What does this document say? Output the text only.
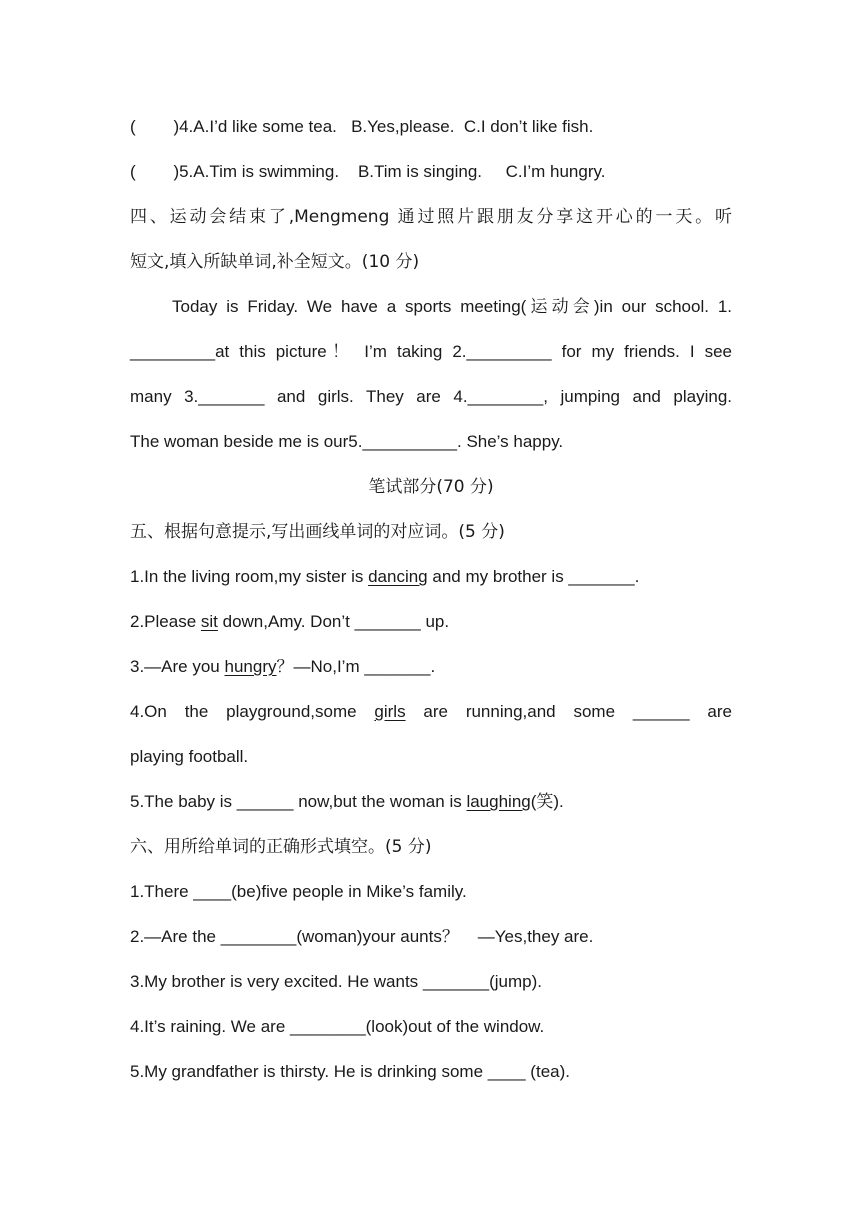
(        )4.A.I’d like some tea.   B.Yes,please.  C.I don’t like fish.
(        )5.A.Tim is swimming.    B.Tim is singing.     C.I’m hungry.
四、运动会结束了,Mengmeng 通过照片跟朋友分享这开心的一天。听
短文,填入所缺单词,补全短文。(10 分)
Today is Friday. We have a sports meeting(运动会)in our school. 1.
_________at this picture！ I’m taking 2._________ for my friends. I see
many 3._______ and girls. They are 4.________, jumping and playing.
The woman beside me is our5.__________. She’s happy.
笔试部分(70 分)
五、根据句意提示,写出画线单词的对应词。(5 分)
1.In the living room,my sister is dancing and my brother is _______.
2.Please sit down,Amy. Don’t _______ up.
3.—Are you hungry？—No,I’m _______.
4.On the playground,some girls are running,and some ______ are
playing football.
5.The baby is ______ now,but the woman is laughing(笑).
六、用所给单词的正确形式填空。(5 分)
1.There ____(be)five people in Mike’s family.
2.—Are the ________(woman)your aunts？    —Yes,they are.
3.My brother is very excited. He wants _______(jump).
4.It’s raining. We are ________(look)out of the window.
5.My grandfather is thirsty. He is drinking some ____ (tea).
